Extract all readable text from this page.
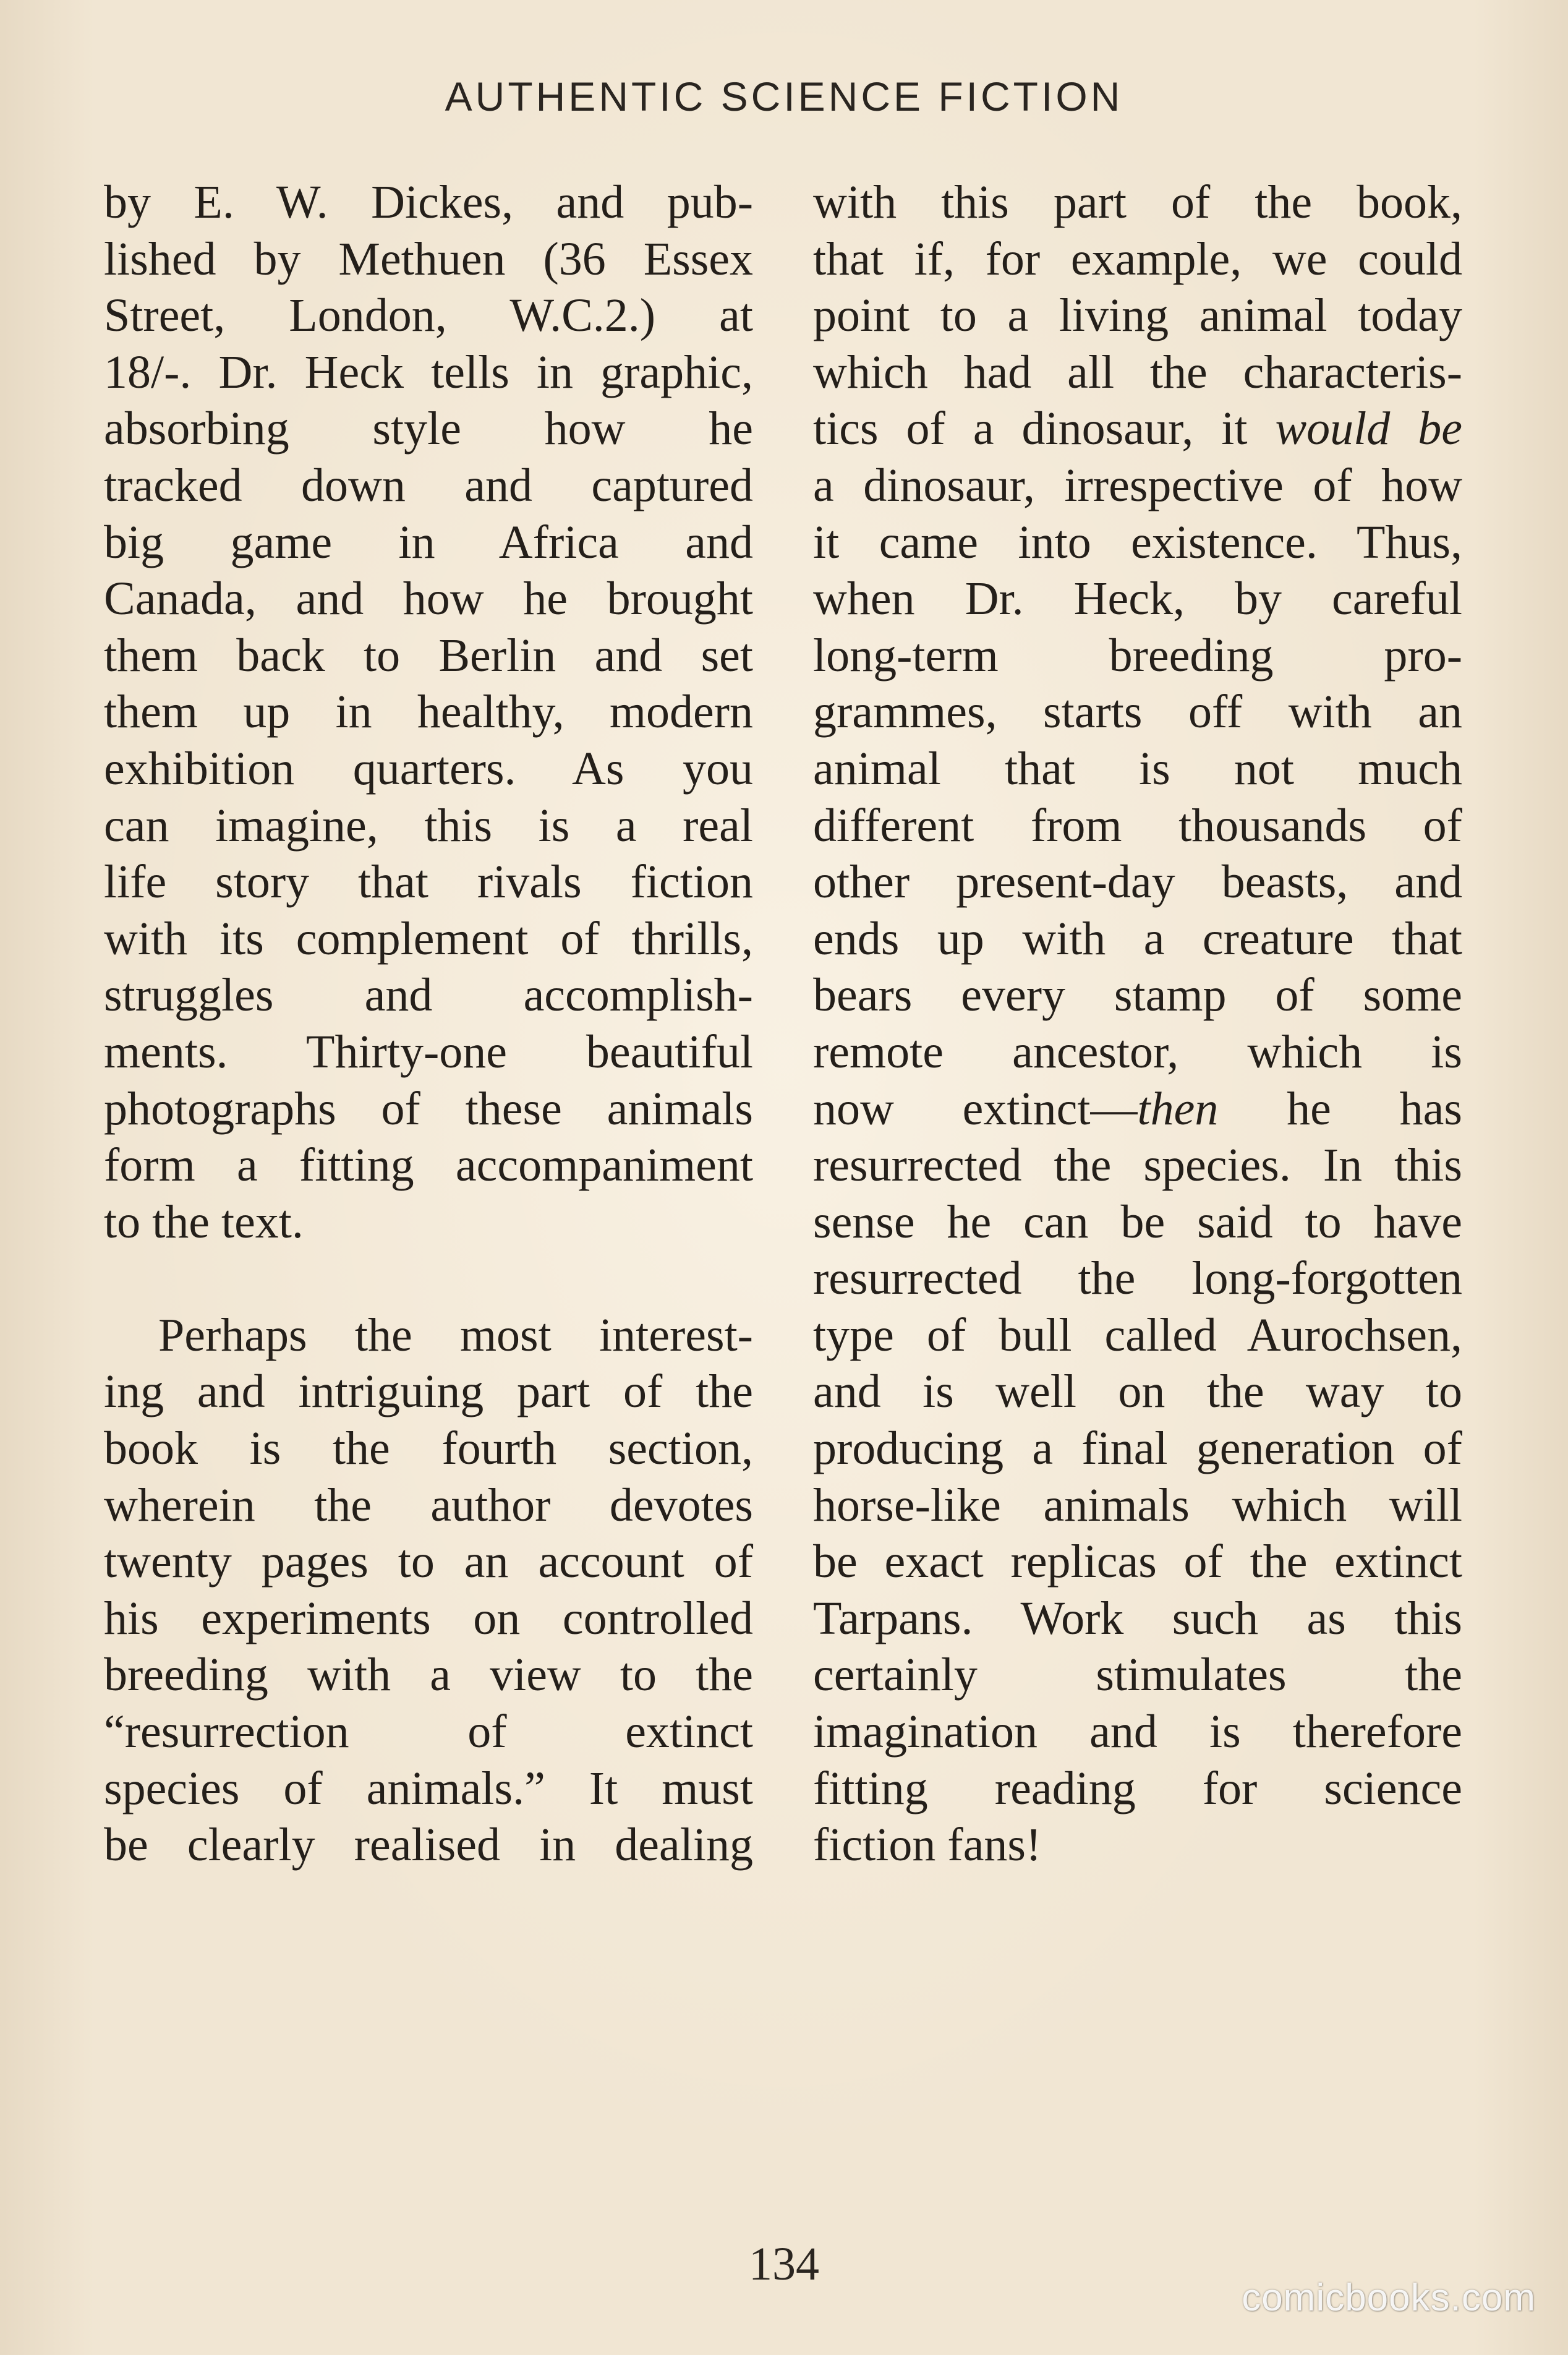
AUTHENTIC SCIENCE FICTION
by E. W. Dickes, and pub-
lished by Methuen (36 Essex
Street, London, W.C.2.) at
18/-. Dr. Heck tells in graphic,
absorbing style how he
tracked down and captured
big game in Africa and
Canada, and how he brought
them back to Berlin and set
them up in healthy, modern
exhibition quarters. As you
can imagine, this is a real
life story that rivals fiction
with its complement of thrills,
struggles and accomplish-
ments. Thirty-one beautiful
photographs of these animals
form a fitting accompaniment
to the text.
Perhaps the most interest-
ing and intriguing part of the
book is the fourth section,
wherein the author devotes
twenty pages to an account of
his experiments on controlled
breeding with a view to the
“resurrection of extinct
species of animals.” It must
be clearly realised in dealing
with this part of the book,
that if, for example, we could
point to a living animal today
which had all the characteris-
tics of a dinosaur, it would be
a dinosaur, irrespective of how
it came into existence. Thus,
when Dr. Heck, by careful
long-term breeding pro-
grammes, starts off with an
animal that is not much
different from thousands of
other present-day beasts, and
ends up with a creature that
bears every stamp of some
remote ancestor, which is
now extinct—then he has
resurrected the species. In this
sense he can be said to have
resurrected the long-forgotten
type of bull called Aurochsen,
and is well on the way to
producing a final generation of
horse-like animals which will
be exact replicas of the extinct
Tarpans. Work such as this
certainly stimulates the
imagination and is therefore
fitting reading for science
fiction fans!
134
comicbooks.com
